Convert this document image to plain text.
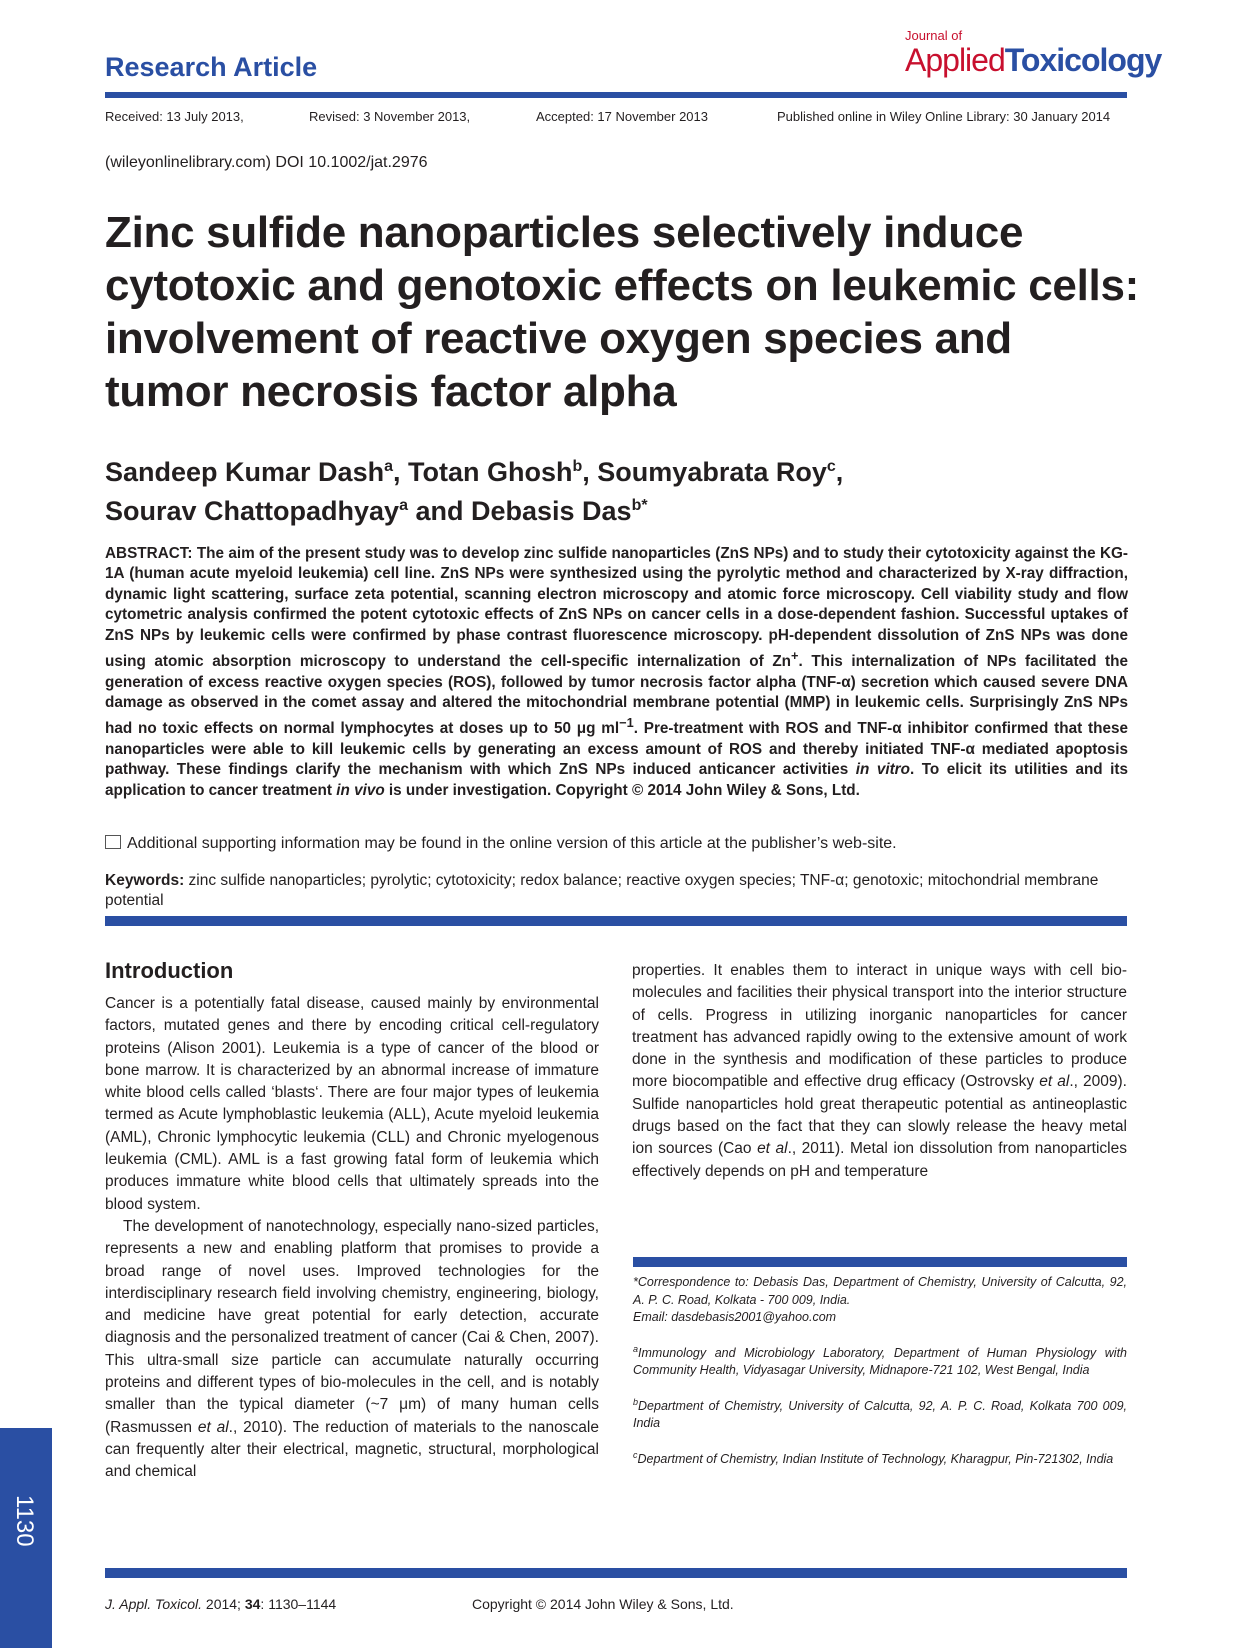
Research Article
Journal of
AppliedToxicology
Received: 13 July 2013,	Revised: 3 November 2013,	Accepted: 17 November 2013	Published online in Wiley Online Library: 30 January 2014
(wileyonlinelibrary.com) DOI 10.1002/jat.2976
Zinc sulfide nanoparticles selectively induce cytotoxic and genotoxic effects on leukemic cells: involvement of reactive oxygen species and tumor necrosis factor alpha

Sandeep Kumar Dash$^a$, Totan Ghosh$^b$, Soumyabrata Roy$^c$,
Sourav Chattopadhyay$^a$ and Debasis Das$^{b*}$

ABSTRACT: The aim of the present study was to develop zinc sulfide nanoparticles (ZnS NPs) and to study their cytotoxicity against the KG-1A (human acute myeloid leukemia) cell line. ZnS NPs were synthesized using the pyrolytic method and characterized by X-ray diffraction, dynamic light scattering, surface zeta potential, scanning electron microscopy and atomic force microscopy. Cell viability study and flow cytometric analysis confirmed the potent cytotoxic effects of ZnS NPs on cancer cells in a dose-dependent fashion. Successful uptakes of ZnS NPs by leukemic cells were confirmed by phase contrast fluorescence microscopy. pH-dependent dissolution of ZnS NPs was done using atomic absorption microscopy to understand the cell-specific internalization of Zn+. This internalization of NPs facilitated the generation of excess reactive oxygen species (ROS), followed by tumor necrosis factor alpha (TNF-α) secretion which caused severe DNA damage as observed in the comet assay and altered the mitochondrial membrane potential (MMP) in leukemic cells. Surprisingly ZnS NPs had no toxic effects on normal lymphocytes at doses up to 50 μg $ml^{-1}$. Pre-treatment with ROS and TNF-α inhibitor confirmed that these nanoparticles were able to kill leukemic cells by generating an excess amount of ROS and thereby initiated TNF-α mediated apoptosis pathway. These findings clarify the mechanism with which ZnS NPs induced anticancer activities in vitro. To elicit its utilities and its application to cancer treatment in vivo is under investigation. Copyright © 2014 John Wiley & Sons, Ltd.

Additional supporting information may be found in the online version of this article at the publisher’s web-site.
Keywords: zinc sulfide nanoparticles; pyrolytic; cytotoxicity; redox balance; reactive oxygen species; TNF-α; genotoxic; mitochondrial membrane potential
Introduction

Cancer is a potentially fatal disease, caused mainly by environmental factors, mutated genes and there by encoding critical cell-regulatory proteins (Alison 2001). Leukemia is a type of cancer of the blood or bone marrow. It is characterized by an abnormal increase of immature white blood cells called ‘blasts‘. There are four major types of leukemia termed as Acute lymphoblastic leukemia (ALL), Acute myeloid leukemia (AML), Chronic lymphocytic leukemia (CLL) and Chronic myelogenous leukemia (CML). AML is a fast growing fatal form of leukemia which produces immature white blood cells that ultimately spreads into the blood system.

The development of nanotechnology, especially nano-sized particles, represents a new and enabling platform that promises to provide a broad range of novel uses. Improved technologies for the interdisciplinary research field involving chemistry, engineering, biology, and medicine have great potential for early detection, accurate diagnosis and the personalized treatment of cancer (Cai & Chen, 2007). This ultra-small size particle can accumulate naturally occurring proteins and different types of bio-molecules in the cell, and is notably smaller than the typical diameter (~7 μm) of many human cells (Rasmussen et al., 2010). The reduction of materials to the nanoscale can frequently alter their electrical, magnetic, structural, morphological and chemical

properties. It enables them to interact in unique ways with cell bio-molecules and facilities their physical transport into the interior structure of cells. Progress in utilizing inorganic nanoparticles for cancer treatment has advanced rapidly owing to the extensive amount of work done in the synthesis and modification of these particles to produce more biocompatible and effective drug efficacy (Ostrovsky et al., 2009). Sulfide nanoparticles hold great therapeutic potential as antineoplastic drugs based on the fact that they can slowly release the heavy metal ion sources (Cao et al., 2011). Metal ion dissolution from nanoparticles effectively depends on pH and temperature

*Correspondence to: Debasis Das, Department of Chemistry, University of Calcutta, 92, A. P. C. Road, Kolkata - 700 009, India.
Email: dasdebasis2001@yahoo.com

$^a$Immunology and Microbiology Laboratory, Department of Human Physiology with Community Health, Vidyasagar University, Midnapore-721 102, West Bengal, India

$^b$Department of Chemistry, University of Calcutta, 92, A. P. C. Road, Kolkata 700 009, India

$^c$Department of Chemistry, Indian Institute of Technology, Kharagpur, Pin-721302, India

1130
J. Appl. Toxicol. 2014; 34: 1130–1144	Copyright © 2014 John Wiley & Sons, Ltd.
